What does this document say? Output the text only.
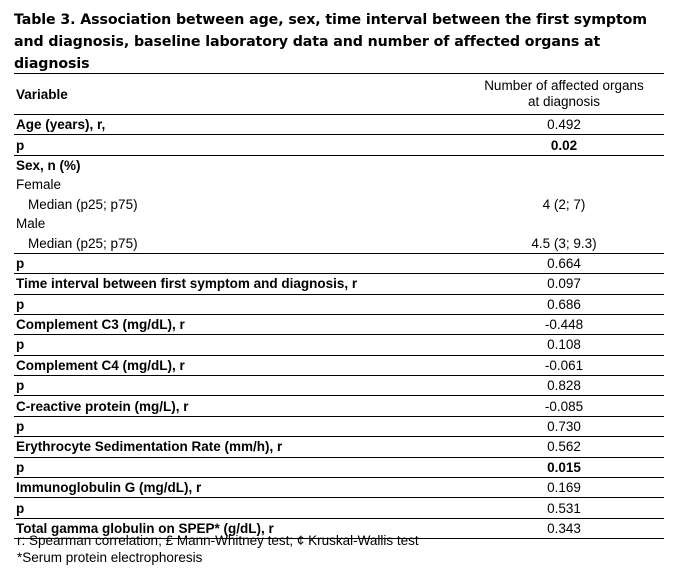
Table 3. Association between age, sex, time interval between the first symptom and diagnosis, baseline laboratory data and number of affected organs at diagnosis
Variable	Number of affected organs
at diagnosis

Age (years), r,	0.492
p	0.02
Sex, n (%)	
Female	
Median (p25; p75)	4 (2; 7)
Male	
Median (p25; p75)	4.5 (3; 9.3)
p	0.664
Time interval between first symptom and diagnosis, r	0.097
p	0.686
Complement C3 (mg/dL), r	-0.448
p	0.108
Complement C4 (mg/dL), r	-0.061
p	0.828
C-reactive protein (mg/L), r	-0.085
p	0.730
Erythrocyte Sedimentation Rate (mm/h), r	0.562
p	0.015
Immunoglobulin G (mg/dL), r	0.169
p	0.531
Total gamma globulin on SPEP* (g/dL), r	0.343
r: Spearman correlation; £ Mann-Whitney test; ¢ Kruskal-Wallis test
*Serum protein electrophoresis
